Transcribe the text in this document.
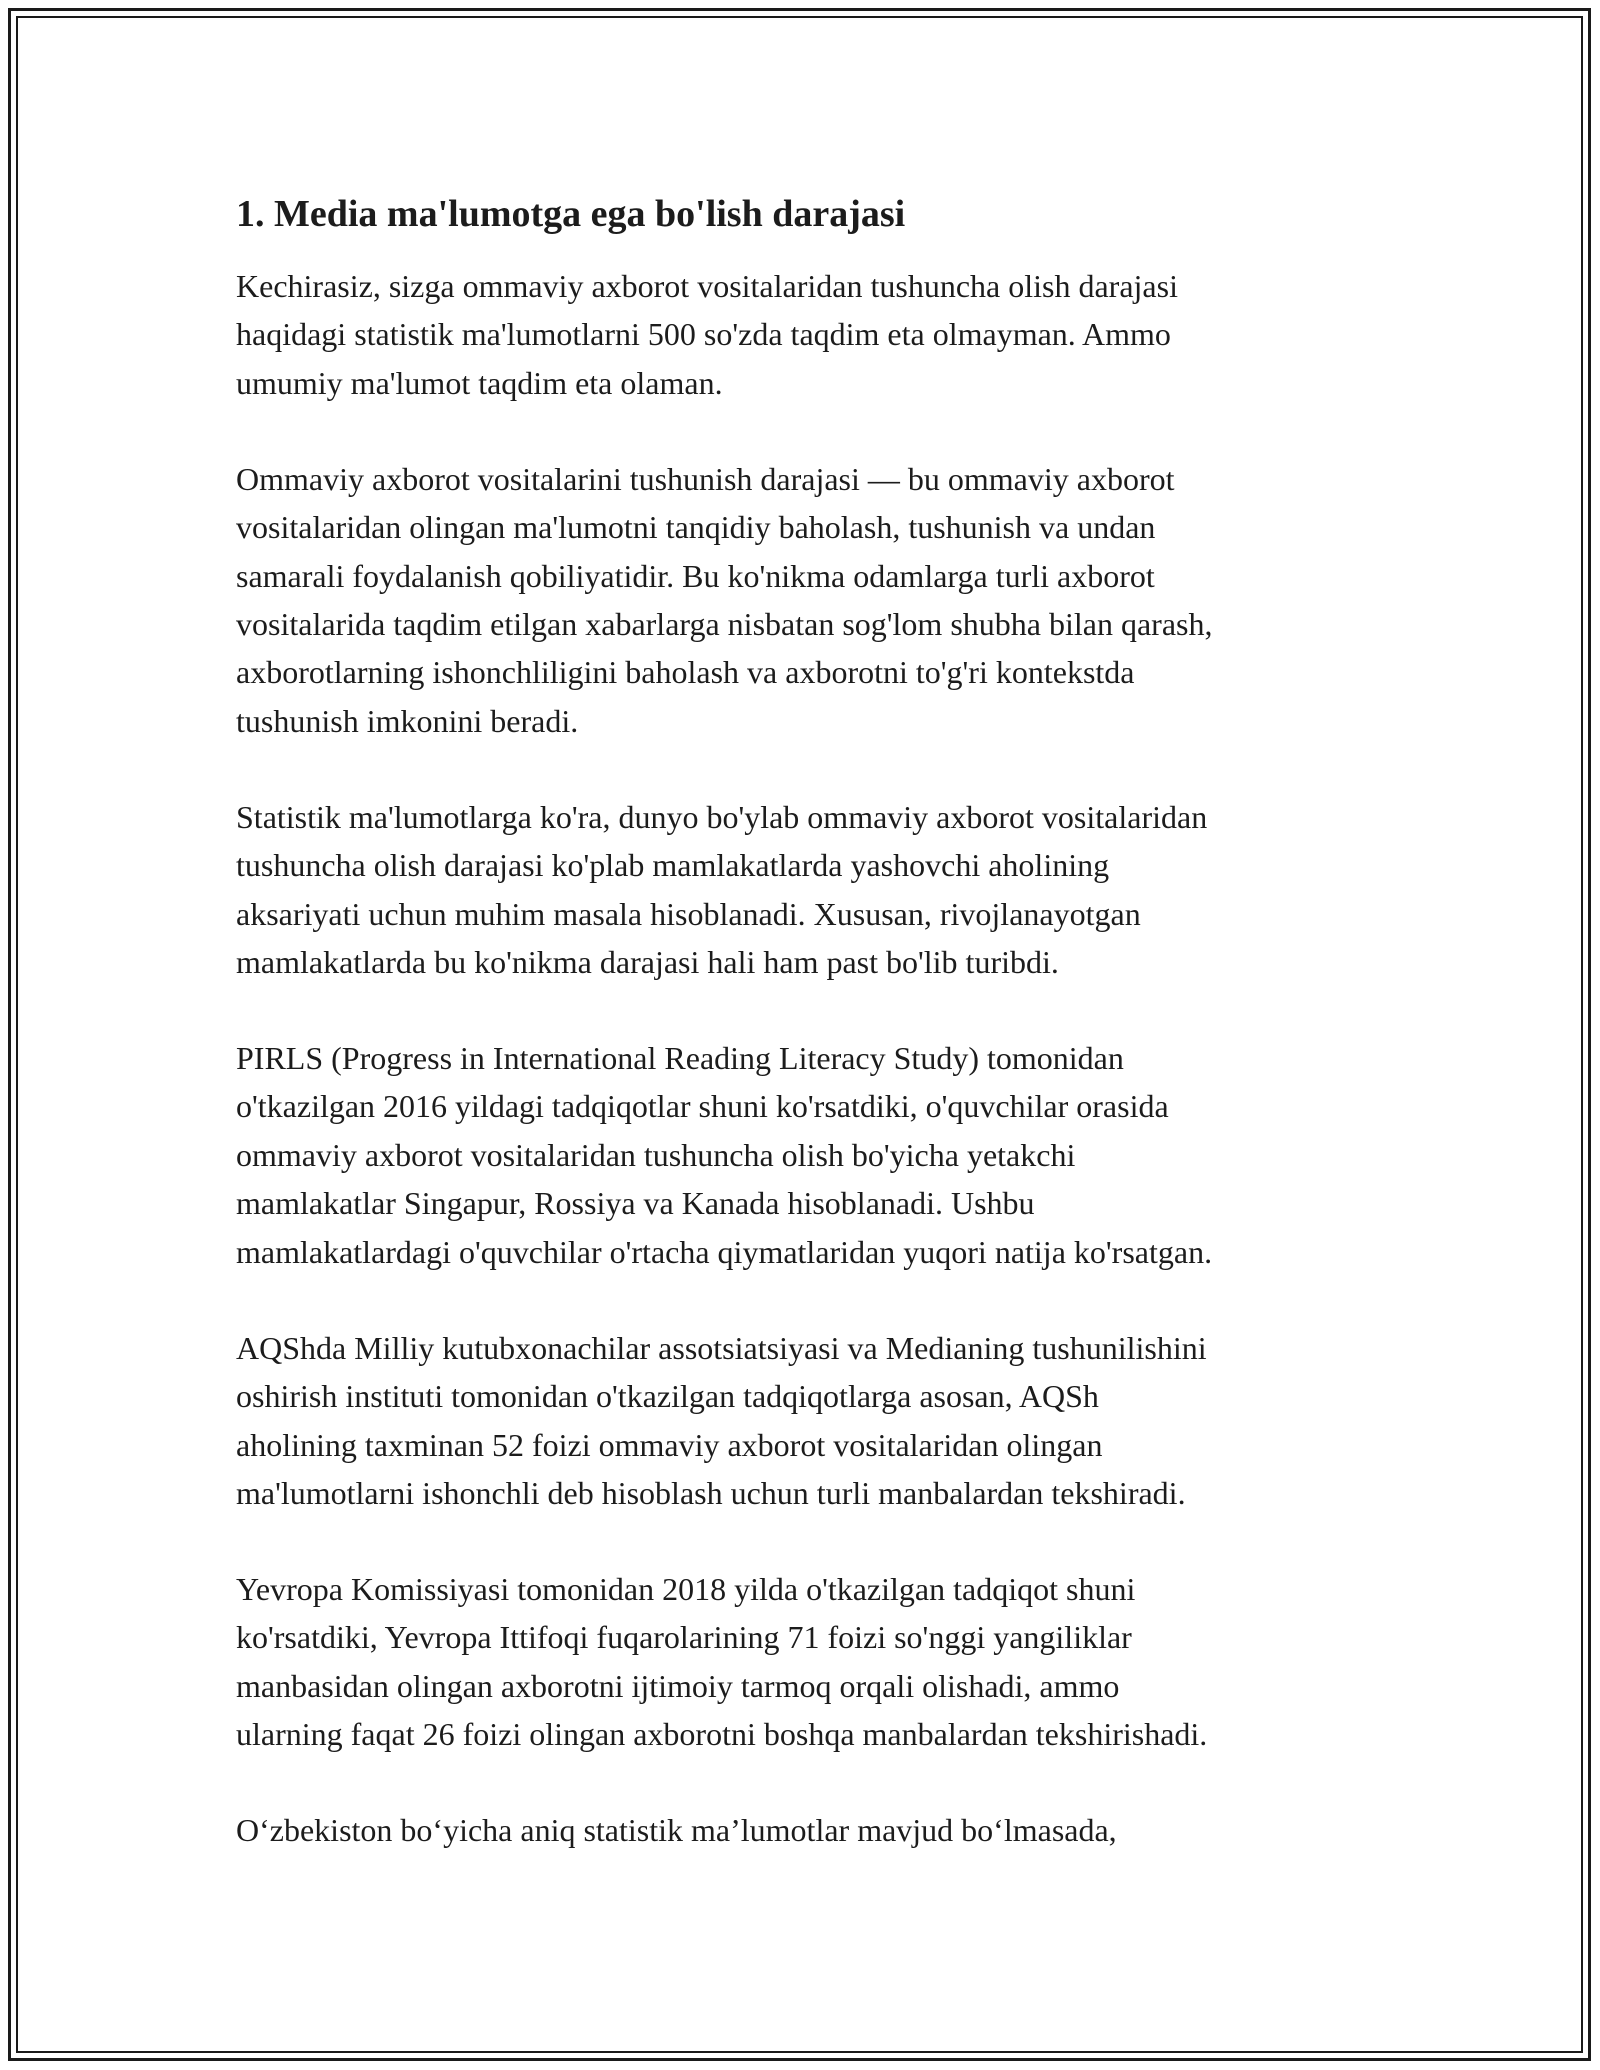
1. Media ma'lumotga ega bo'lish darajasi

Kechirasiz, sizga ommaviy axborot vositalaridan tushuncha olish darajasi
haqidagi statistik ma'lumotlarni 500 so'zda taqdim eta olmayman. Ammo
umumiy ma'lumot taqdim eta olaman.

Ommaviy axborot vositalarini tushunish darajasi — bu ommaviy axborot
vositalaridan olingan ma'lumotni tanqidiy baholash, tushunish va undan
samarali foydalanish qobiliyatidir. Bu ko'nikma odamlarga turli axborot
vositalarida taqdim etilgan xabarlarga nisbatan sog'lom shubha bilan qarash,
axborotlarning ishonchliligini baholash va axborotni to'g'ri kontekstda
tushunish imkonini beradi.

Statistik ma'lumotlarga ko'ra, dunyo bo'ylab ommaviy axborot vositalaridan
tushuncha olish darajasi ko'plab mamlakatlarda yashovchi aholining
aksariyati uchun muhim masala hisoblanadi. Xususan, rivojlanayotgan
mamlakatlarda bu ko'nikma darajasi hali ham past bo'lib turibdi.

PIRLS (Progress in International Reading Literacy Study) tomonidan
o'tkazilgan 2016 yildagi tadqiqotlar shuni ko'rsatdiki, o'quvchilar orasida
ommaviy axborot vositalaridan tushuncha olish bo'yicha yetakchi
mamlakatlar Singapur, Rossiya va Kanada hisoblanadi. Ushbu
mamlakatlardagi o'quvchilar o'rtacha qiymatlaridan yuqori natija ko'rsatgan.

AQShda Milliy kutubxonachilar assotsiatsiyasi va Medianing tushunilishini
oshirish instituti tomonidan o'tkazilgan tadqiqotlarga asosan, AQSh
aholining taxminan 52 foizi ommaviy axborot vositalaridan olingan
ma'lumotlarni ishonchli deb hisoblash uchun turli manbalardan tekshiradi.

Yevropa Komissiyasi tomonidan 2018 yilda o'tkazilgan tadqiqot shuni
ko'rsatdiki, Yevropa Ittifoqi fuqarolarining 71 foizi so'nggi yangiliklar
manbasidan olingan axborotni ijtimoiy tarmoq orqali olishadi, ammo
ularning faqat 26 foizi olingan axborotni boshqa manbalardan tekshirishadi.

O‘zbekiston bo‘yicha aniq statistik ma’lumotlar mavjud bo‘lmasada,
